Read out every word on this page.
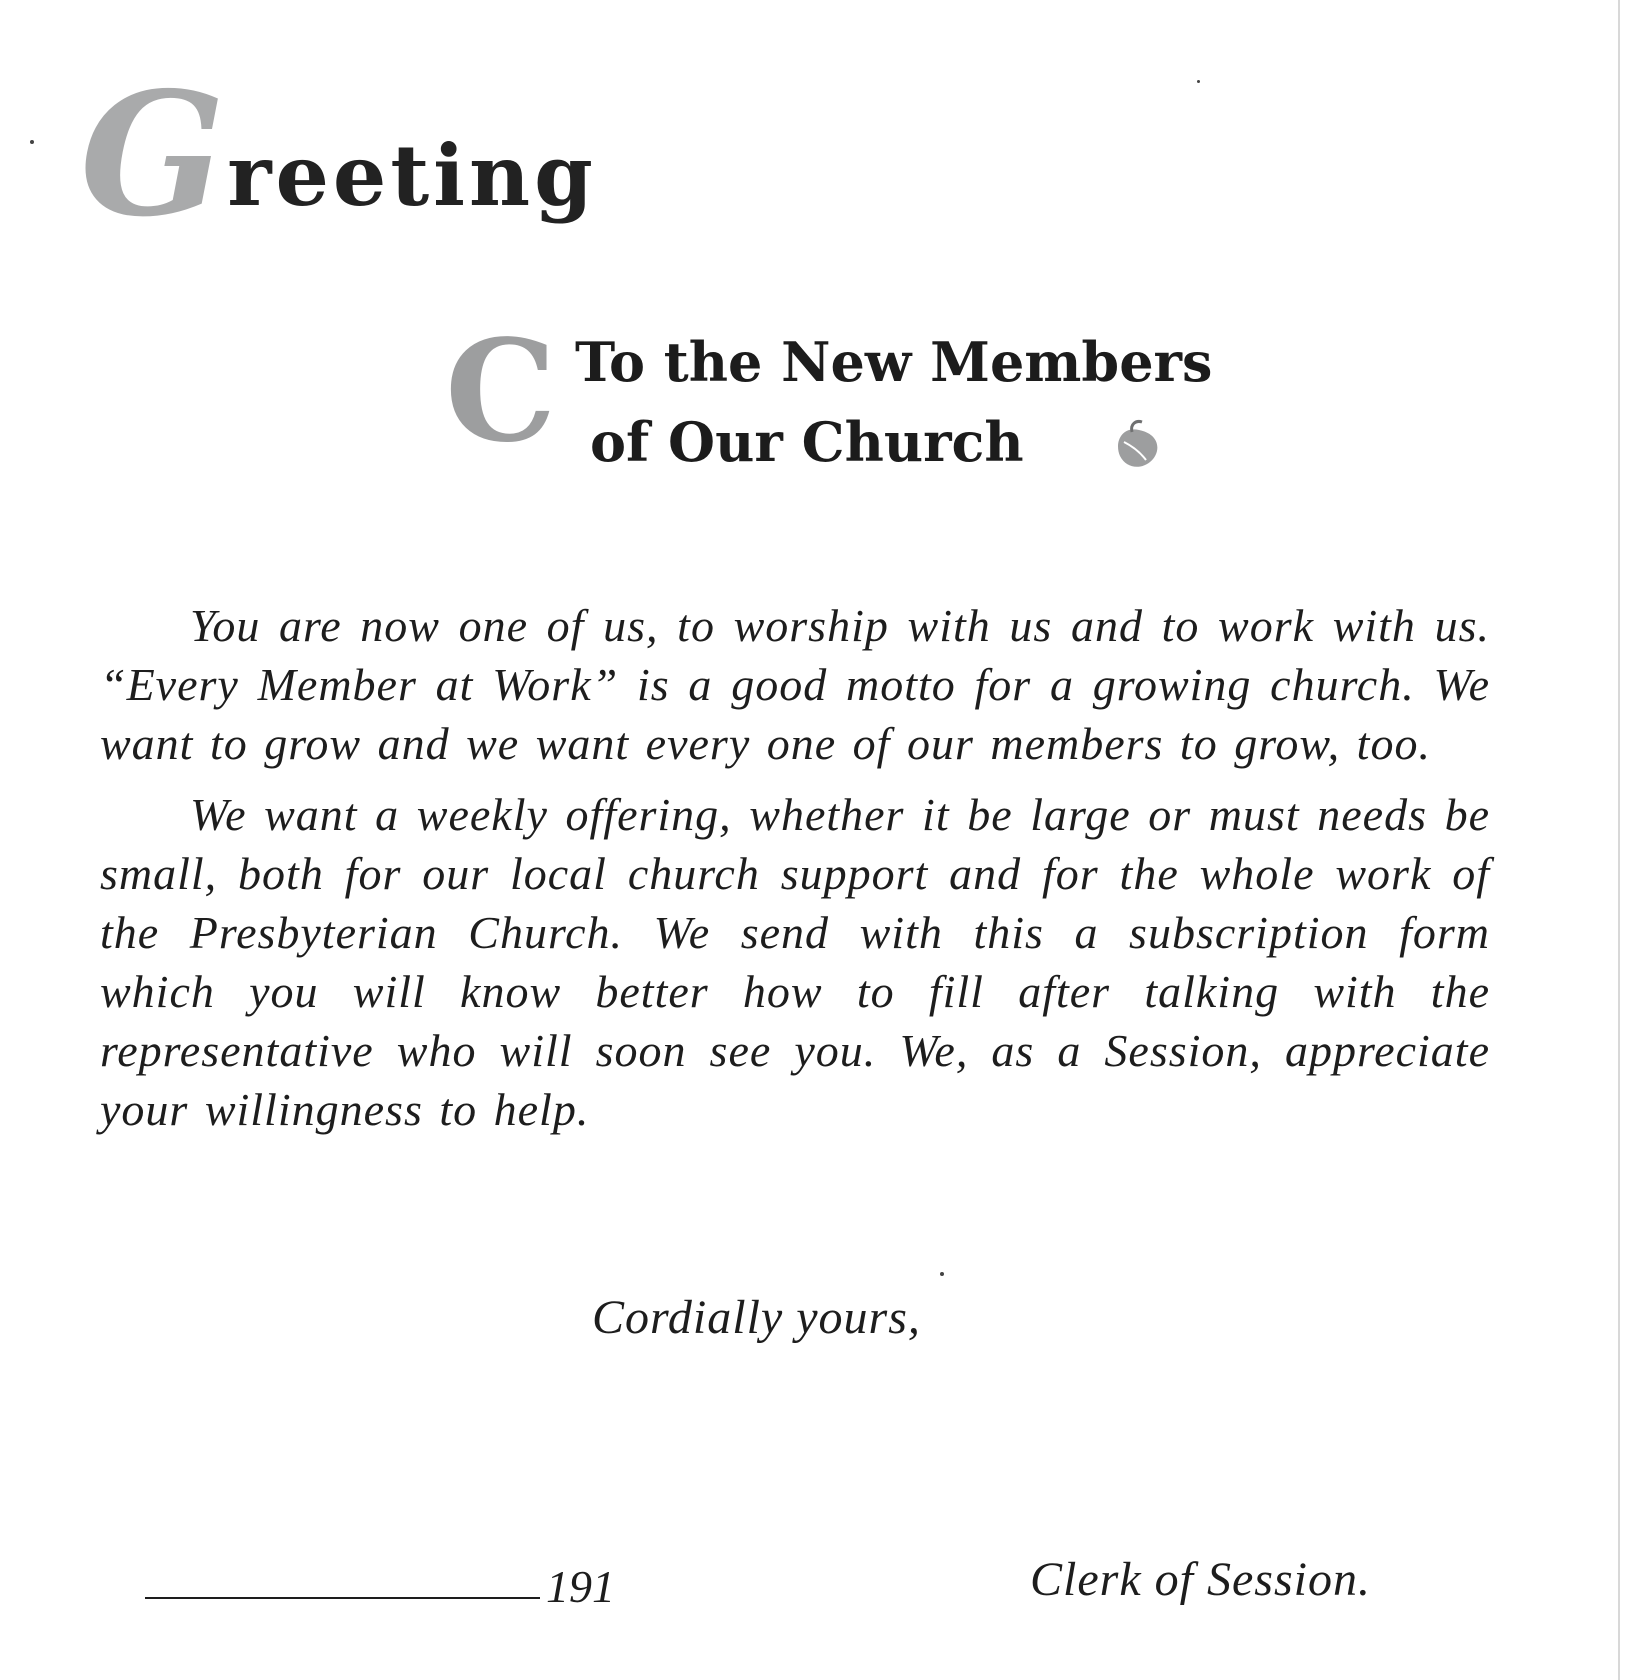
G reeting
C To the New Members
of Our Church

You are now one of us, to worship with us and to work with us. “Every Member at Work” is a good motto for a growing church. We want to grow and we want every one of our members to grow, too.

We want a weekly offering, whether it be large or must needs be small, both for our local church support and for the whole work of the Presbyterian Church. We send with this a subscription form which you will know better how to fill after talking with the representative who will soon see you. We, as a Session, appreciate your willingness to help.

Cordially yours,
191	Clerk of Session.
